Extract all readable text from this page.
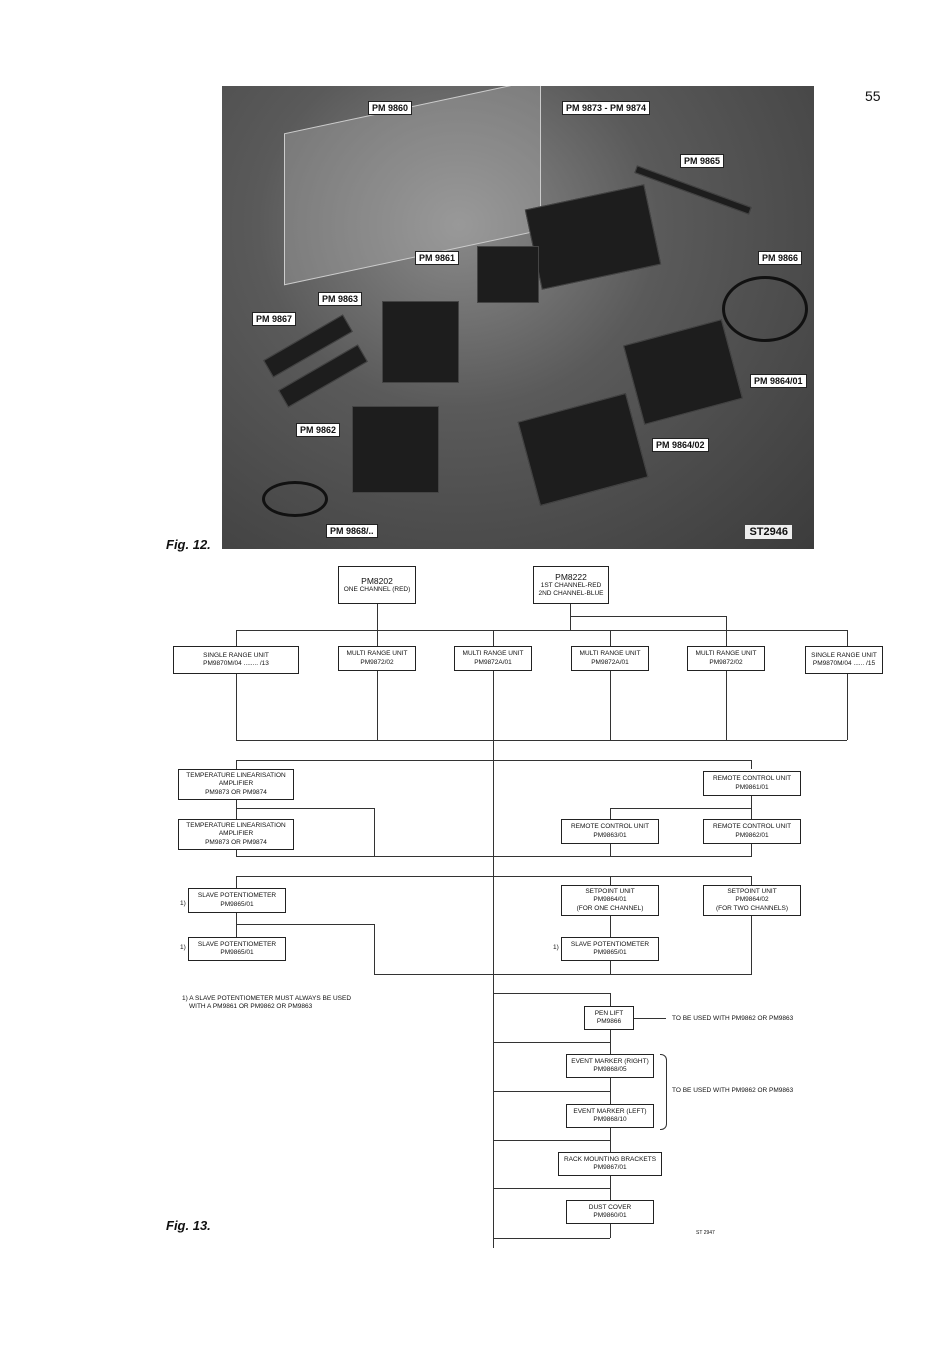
55
PM 9860	PM 9873 - PM 9874
PM 9865
PM 9861	PM 9866
PM 9863
PM 9867
PM 9864/01
PM 9862
PM 9864/02
PM 9868/..	ST2946
Fig. 12.
PM8202
ONE CHANNEL (RED)
PM8222
1ST CHANNEL-RED
2ND CHANNEL-BLUE
SINGLE RANGE UNIT
PM9870M/04 ........ /13
MULTI RANGE UNIT
PM9872/02
MULTI RANGE UNIT
PM9872A/01
MULTI RANGE UNIT
PM9872A/01
MULTI RANGE UNIT
PM9872/02
SINGLE RANGE UNIT
PM9870M/04 ...... /15
TEMPERATURE LINEARISATION
AMPLIFIER
PM9873 OR PM9874
REMOTE CONTROL UNIT
PM9861/01
TEMPERATURE LINEARISATION
AMPLIFIER
PM9873 OR PM9874
REMOTE CONTROL UNIT
PM9863/01
REMOTE CONTROL UNIT
PM9862/01
1)
SLAVE POTENTIOMETER
PM9865/01
SETPOINT UNIT
PM9864/01
(FOR ONE CHANNEL)
SETPOINT UNIT
PM9864/02
(FOR TWO CHANNELS)
1)	SLAVE POTENTIOMETER
PM9865/01
1)	SLAVE POTENTIOMETER
PM9865/01
1) A SLAVE POTENTIOMETER MUST ALWAYS BE USED
WITH A PM9861 OR PM9862 OR PM9863
PEN LIFT
PM9866	TO BE USED WITH PM9862 OR PM9863
EVENT MARKER (RIGHT)
PM9868/05
EVENT MARKER (LEFT)
PM9868/10
TO BE USED WITH PM9862 OR PM9863
RACK MOUNTING BRACKETS
PM9867/01
DUST COVER
PM9860/01
ST 2947
Fig. 13.
